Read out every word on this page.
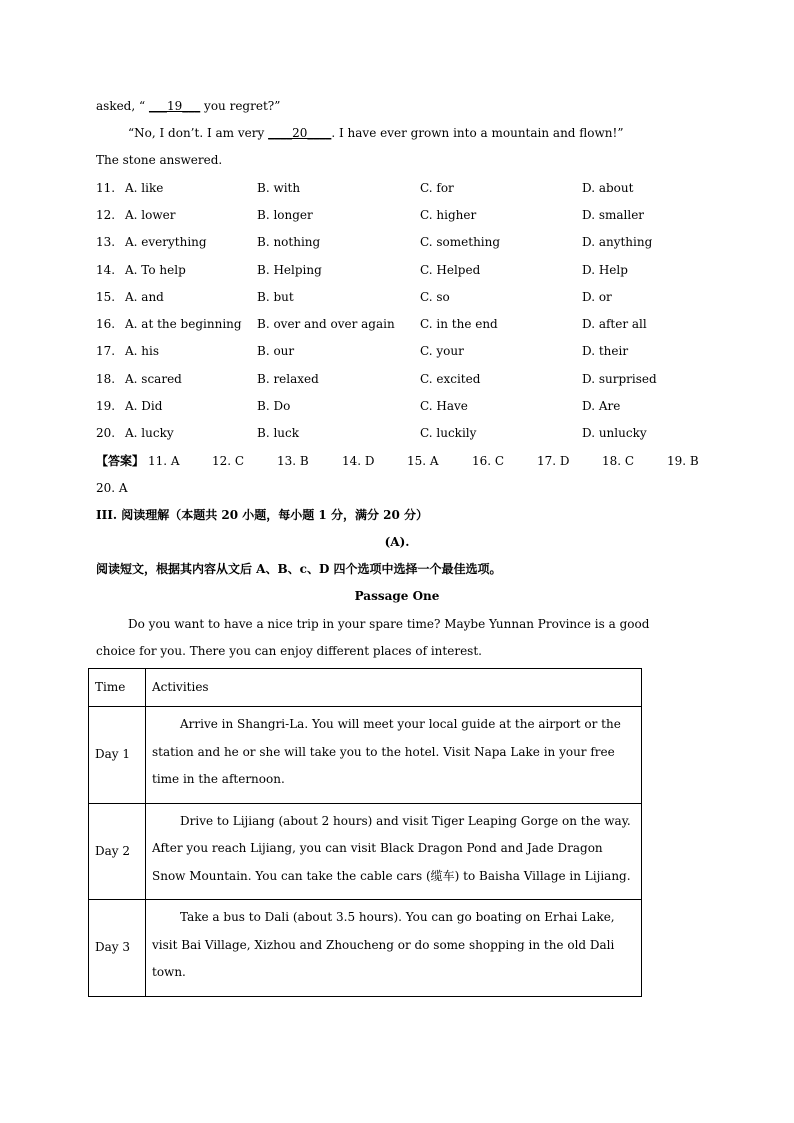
asked, “ ___19___ you regret?”
“No, I don’t. I am very ____20____. I have ever grown into a mountain and flown!”
The stone answered.
11. A. like	B. with	C. for	D. about
12. A. lower	B. longer	C. higher	D. smaller
13. A. everything	B. nothing	C. something	D. anything
14. A. To help	B. Helping	C. Helped	D. Help
15. A. and	B. but	C. so	D. or
16. A. at the beginning B. over and over again C. in the end	D. after all
17. A. his	B. our	C. your	D. their
18. A. scared	B. relaxed	C. excited	D. surprised
19. A. Did	B. Do	C. Have	D. Are
20. A. lucky	B. luck	C. luckily	D. unlucky
【答案】 11. A	12. C	13. B	14. D	15. A	16. C	17. D	18. C	19. B
20. A
III. 阅读理解（本题共 20 小题，每小题 1 分，满分 20 分）
(A).
阅读短文，根据其内容从文后 A、B、c、D 四个选项中选择一个最佳选项。
Passage One
Do you want to have a nice trip in your spare time? Maybe Yunnan Province is a good
choice for you. There you can enjoy different places of interest.
Time	Activities
Day 1	Arrive in Shangri-La. You will meet your local guide at the airport or the station and he or she will take you to the hotel. Visit Napa Lake in your free time in the afternoon.
Day 2	Drive to Lijiang (about 2 hours) and visit Tiger Leaping Gorge on the way. After you reach Lijiang, you can visit Black Dragon Pond and Jade Dragon Snow Mountain. You can take the cable cars (缆车) to Baisha Village in Lijiang.
Day 3	Take a bus to Dali (about 3.5 hours). You can go boating on Erhai Lake, visit Bai Village, Xizhou and Zhoucheng or do some shopping in the old Dali town.
